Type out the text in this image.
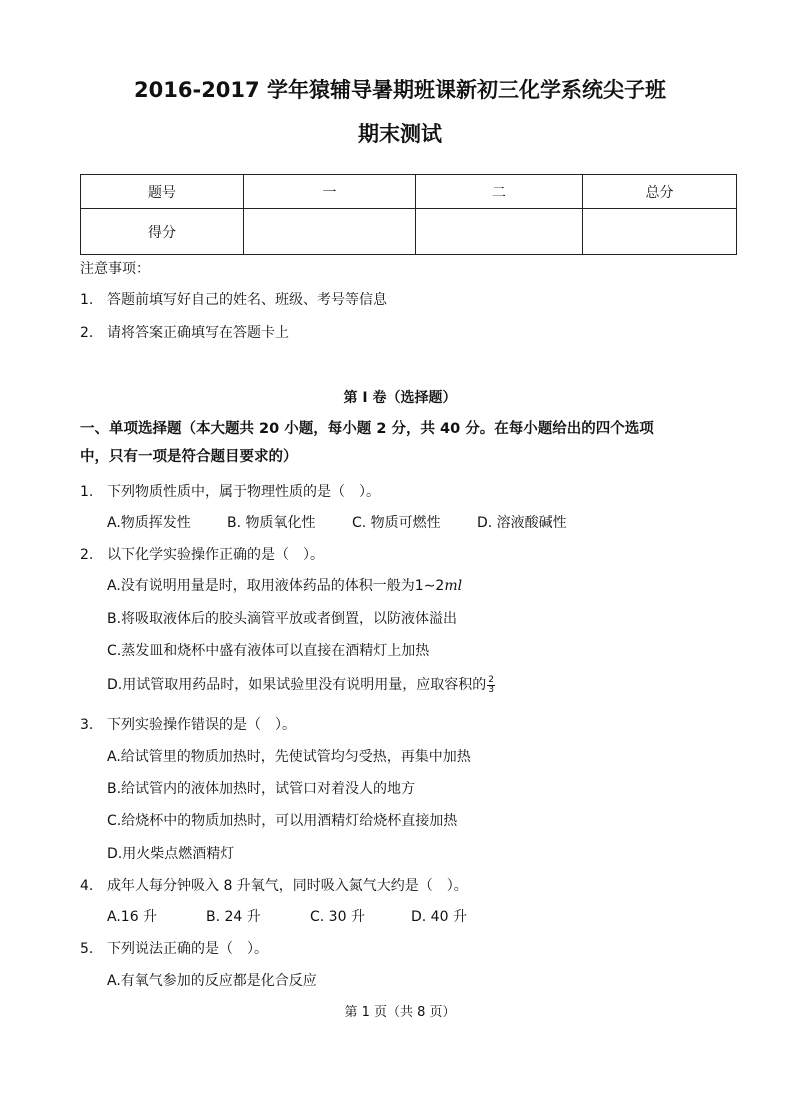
2016-2017 学年猿辅导暑期班课新初三化学系统尖子班
期末测试
题号	一	二	总分
得分			
注意事项：
1. 答题前填写好自己的姓名、班级、考号等信息
2. 请将答案正确填写在答题卡上
第 I 卷（选择题）
一、单项选择题（本大题共 20 小题，每小题 2 分，共 40 分。在每小题给出的四个选项
中，只有一项是符合题目要求的）
1. 下列物质性质中，属于物理性质的是（　）。
A.物质挥发性	B. 物质氧化性	C. 物质可燃性	D. 溶液酸碱性
2. 以下化学实验操作正确的是（　）。
A.没有说明用量是时，取用液体药品的体积一般为1∼2ml
B.将吸取液体后的胶头滴管平放或者倒置，以防液体溢出
C.蒸发皿和烧杯中盛有液体可以直接在酒精灯上加热
D.用试管取用药品时，如果试验里没有说明用量，应取容积的 $\frac{2}{3}$
3. 下列实验操作错误的是（　）。
A.给试管里的物质加热时，先使试管均匀受热，再集中加热
B.给试管内的液体加热时，试管口对着没人的地方
C.给烧杯中的物质加热时，可以用酒精灯给烧杯直接加热
D.用火柴点燃酒精灯
4. 成年人每分钟吸入 8 升氧气，同时吸入氮气大约是（　）。
A.16 升	B. 24 升	C. 30 升	D. 40 升
5. 下列说法正确的是（　）。
A.有氧气参加的反应都是化合反应
第 1 页（共 8 页）
